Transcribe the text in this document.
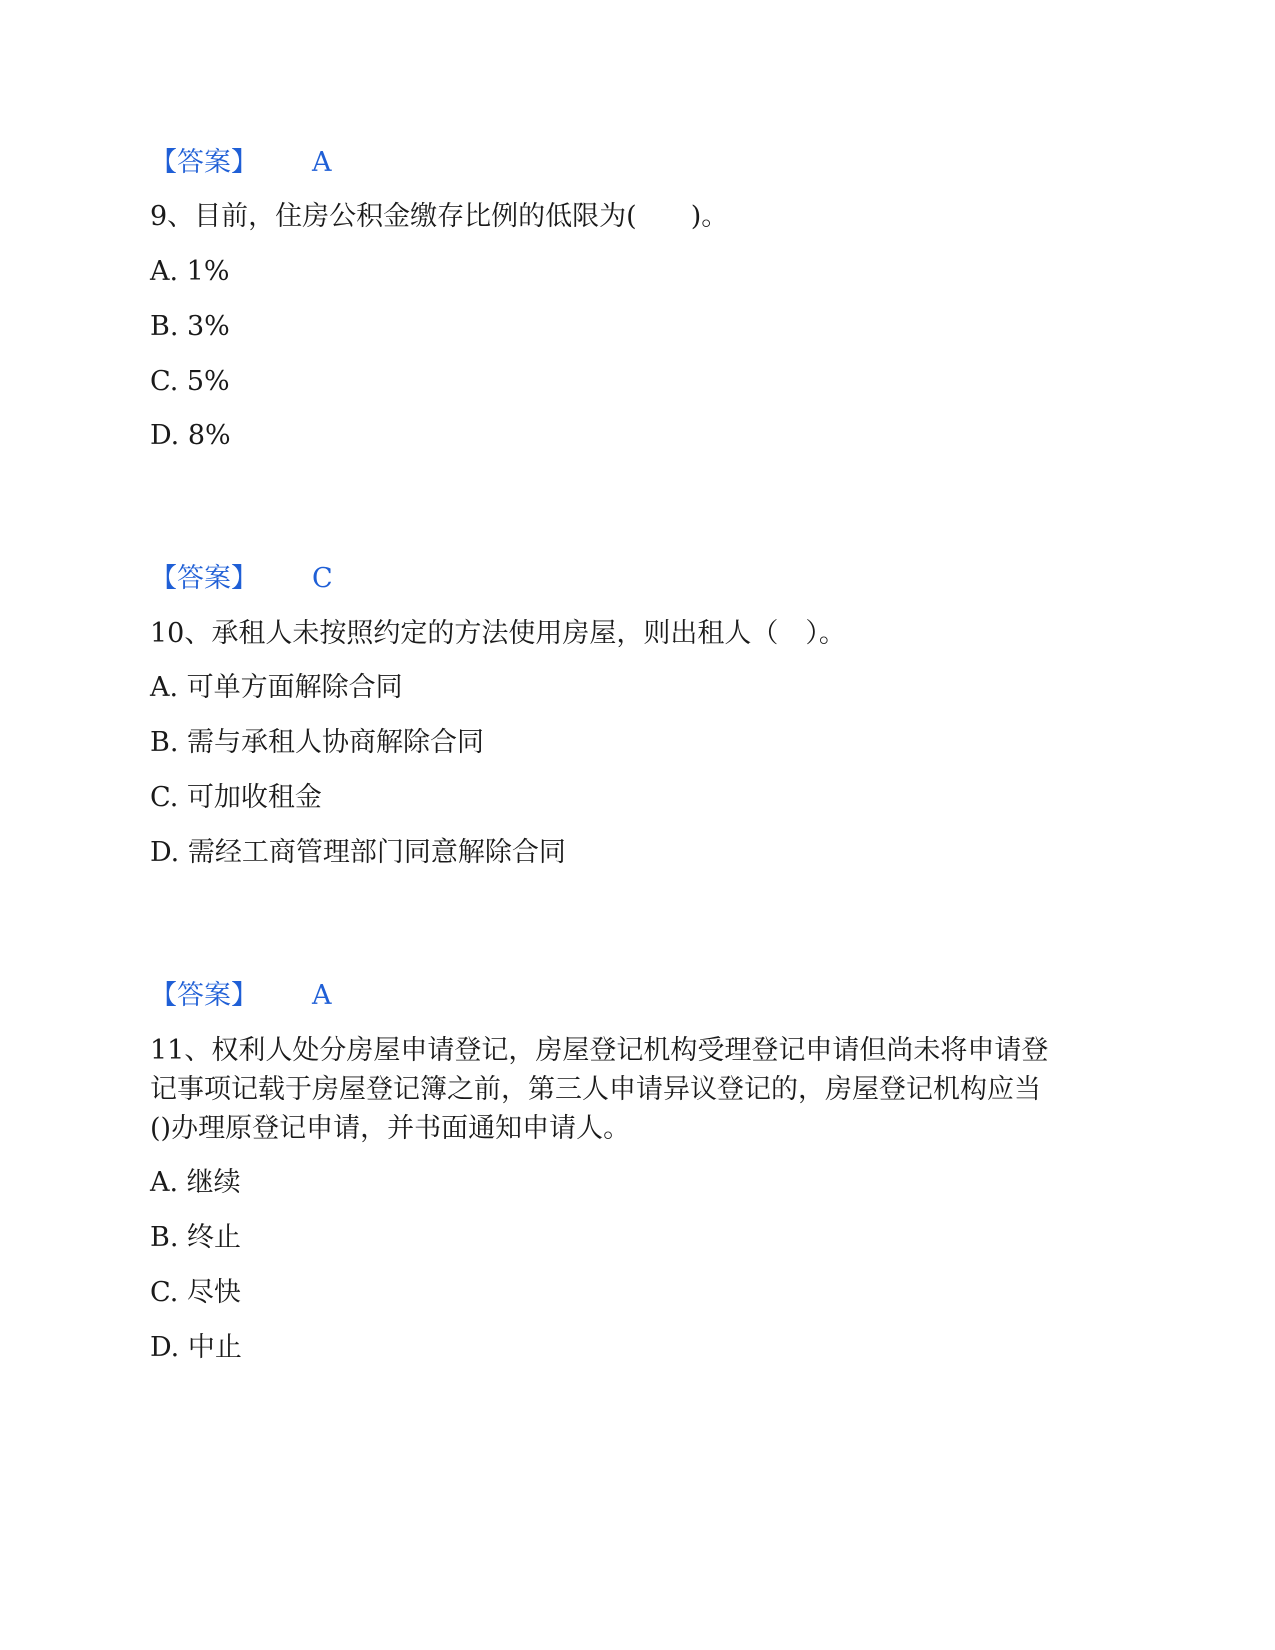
【答案】 A
9、目前，住房公积金缴存比例的低限为(　　)。
A. 1%
B. 3%
C. 5%
D. 8%
【答案】 C
10、承租人未按照约定的方法使用房屋，则出租人（　）。
A. 可单方面解除合同
B. 需与承租人协商解除合同
C. 可加收租金
D. 需经工商管理部门同意解除合同
【答案】 A
11、权利人处分房屋申请登记，房屋登记机构受理登记申请但尚未将申请登
记事项记载于房屋登记簿之前，第三人申请异议登记的，房屋登记机构应当
()办理原登记申请，并书面通知申请人。
A. 继续
B. 终止
C. 尽快
D. 中止
